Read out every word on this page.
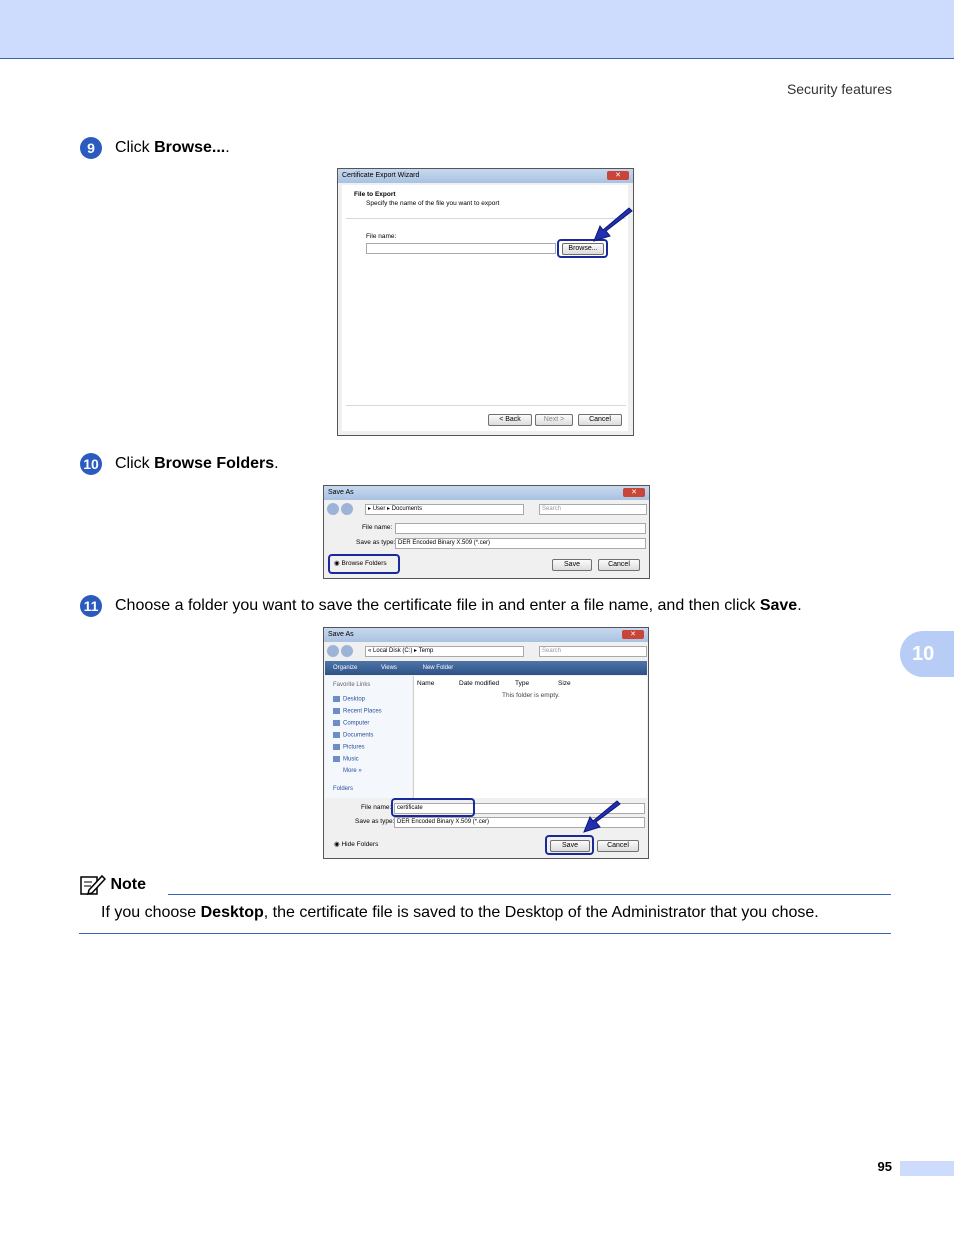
Security features
10
9	Click Browse....
Certificate Export Wizard	✕
File to Export
Specify the name of the file you want to export
File name:
Browse...
< Back	Next >	Cancel
10 Click Browse Folders.
Save As	✕
▸ User ▸ Documents	Search
File name:
Save as type: DER Encoded Binary X.509 (*.cer)
◉ Browse Folders	Save	Cancel
11 Choose a folder you want to save the certificate file in and enter a file name, and then click Save.
Save As	✕
« Local Disk (C:) ▸ Temp	Search
Organize	Views	New Folder
Favorite Links
Desktop
Recent Places
Computer
Documents
Pictures
Music
More »
Folders
Name	Date modified Type	Size
This folder is empty.
File name: certificate
Save as type: DER Encoded Binary X.509 (*.cer)
◉ Hide Folders	Save	Cancel
Note
If you choose Desktop, the certificate file is saved to the Desktop of the Administrator that you chose.
95
